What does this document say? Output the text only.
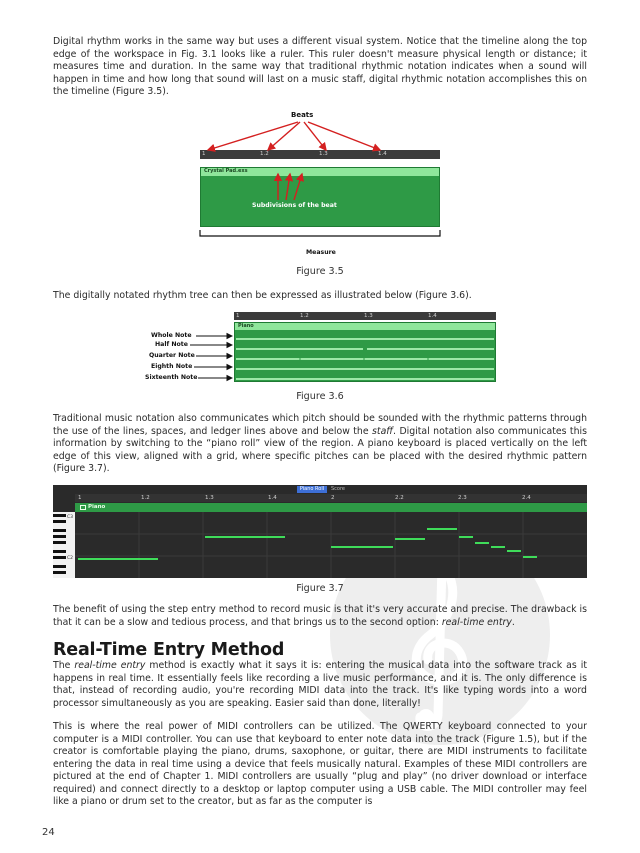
Digital rhythm works in the same way but uses a different visual system. Notice that the timeline along the top edge of the workspace in Fig. 3.1 looks like a ruler. This ruler doesn't measure physical length or distance; it measures time and duration. In the same way that traditional rhythmic notation indicates when a sound will happen in time and how long that sound will last on a music staff, digital rhythmic notation accomplishes this on the timeline (Figure 3.5).

Beats
1	1.2	1.3	1.4
Crystal Pad.exs
Subdivisions of the beat
Measure
Figure 3.5

The digitally notated rhythm tree can then be expressed as illustrated below (Figure 3.6).

1	1.2	1.3	1.4
Piano
Whole Note
Half Note
Quarter Note
Eighth Note
Sixteenth Note
Figure 3.6

Traditional music notation also communicates which pitch should be sounded with the rhythmic patterns through the use of the lines, spaces, and ledger lines above and below the staff. Digital notation also communicates this information by switching to the “piano roll” view of the region. A piano keyboard is placed vertically on the left edge of this view, aligned with a grid, where specific pitches can be placed with the desired rhythmic pattern (Figure 3.7).

Piano Roll	Score
1	1.2	1.3	1.4	2	2.2	2.3	2.4
Piano
C3
C2
Figure 3.7

The benefit of using the step entry method to record music is that it's very accurate and precise. The drawback is that it can be a slow and tedious process, and that brings us to the second option: real-time entry.

Real-Time Entry Method

The real-time entry method is exactly what it says it is: entering the musical data into the software track as it happens in real time. It essentially feels like recording a live music performance, and it is. The only difference is that, instead of recording audio, you're recording MIDI data into the track. It's like typing words into a word processor simultaneously as you are speaking. Easier said than done, literally!

This is where the real power of MIDI controllers can be utilized. The QWERTY keyboard connected to your computer is a MIDI controller. You can use that keyboard to enter note data into the track (Figure 1.5), but if the creator is comfortable playing the piano, drums, saxophone, or guitar, there are MIDI instruments to facilitate entering the data in real time using a device that feels musically natural. Examples of these MIDI controllers are pictured at the end of Chapter 1. MIDI controllers are usually “plug and play” (no driver download or interface required) and connect directly to a desktop or laptop computer using a USB cable. The MIDI controller may feel like a piano or drum set to the creator, but as far as the computer is

24
